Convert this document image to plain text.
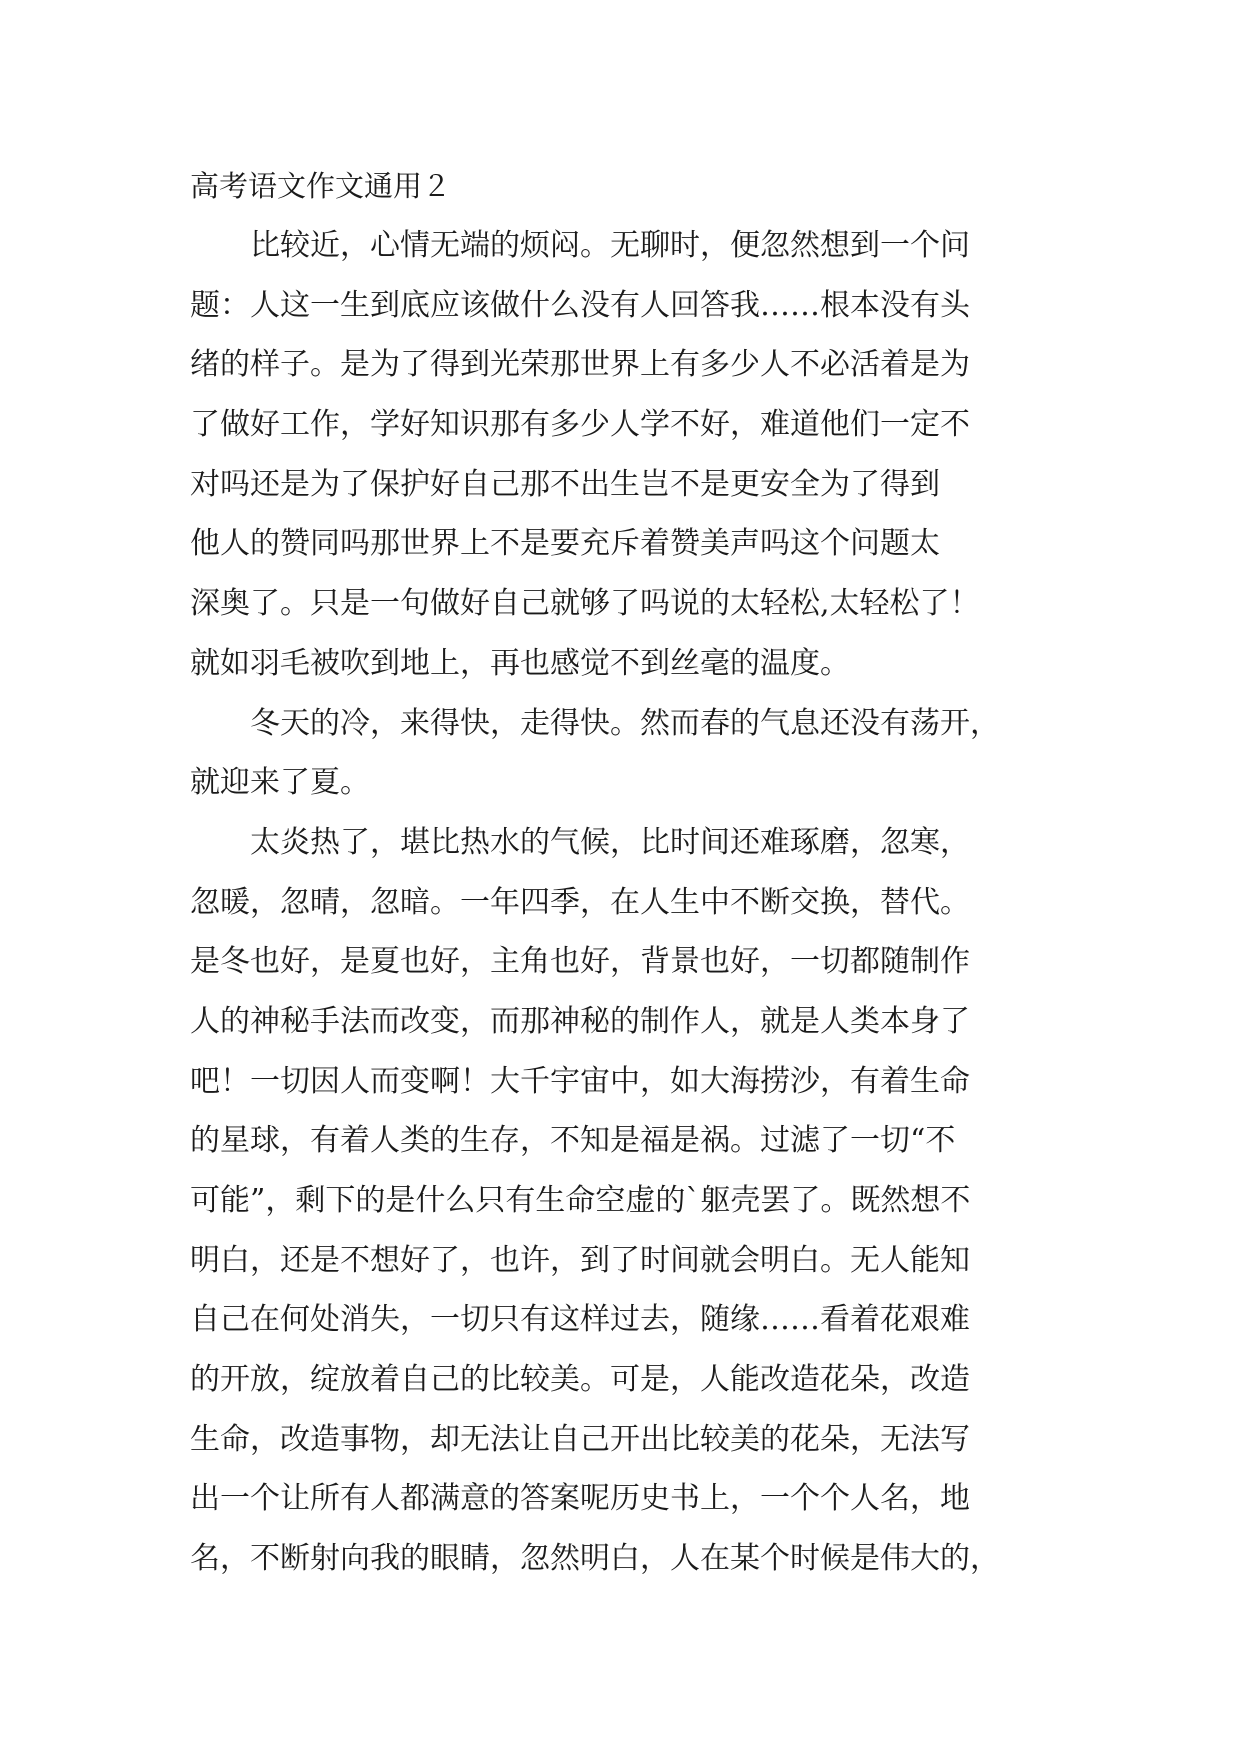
高考语文作文通用２
比较近，心情无端的烦闷。无聊时，便忽然想到一个问
题：人这一生到底应该做什么没有人回答我……根本没有头
绪的样子。是为了得到光荣那世界上有多少人不必活着是为
了做好工作，学好知识那有多少人学不好，难道他们一定不
对吗还是为了保护好自己那不出生岂不是更安全为了得到
他人的赞同吗那世界上不是要充斥着赞美声吗这个问题太
深奥了。只是一句做好自己就够了吗说的太轻松,太轻松了！
就如羽毛被吹到地上，再也感觉不到丝毫的温度。
冬天的冷，来得快，走得快。然而春的气息还没有荡开，
就迎来了夏。
太炎热了，堪比热水的气候，比时间还难琢磨，忽寒，
忽暖，忽晴，忽暗。一年四季，在人生中不断交换，替代。
是冬也好，是夏也好，主角也好，背景也好，一切都随制作
人的神秘手法而改变，而那神秘的制作人，就是人类本身了
吧！一切因人而变啊！大千宇宙中，如大海捞沙，有着生命
的星球，有着人类的生存，不知是福是祸。过滤了一切“不
可能”，剩下的是什么只有生命空虚的`躯壳罢了。既然想不
明白，还是不想好了，也许，到了时间就会明白。无人能知
自己在何处消失，一切只有这样过去，随缘……看着花艰难
的开放，绽放着自己的比较美。可是，人能改造花朵，改造
生命，改造事物，却无法让自己开出比较美的花朵，无法写
出一个让所有人都满意的答案呢历史书上，一个个人名，地
名，不断射向我的眼睛，忽然明白，人在某个时候是伟大的，
